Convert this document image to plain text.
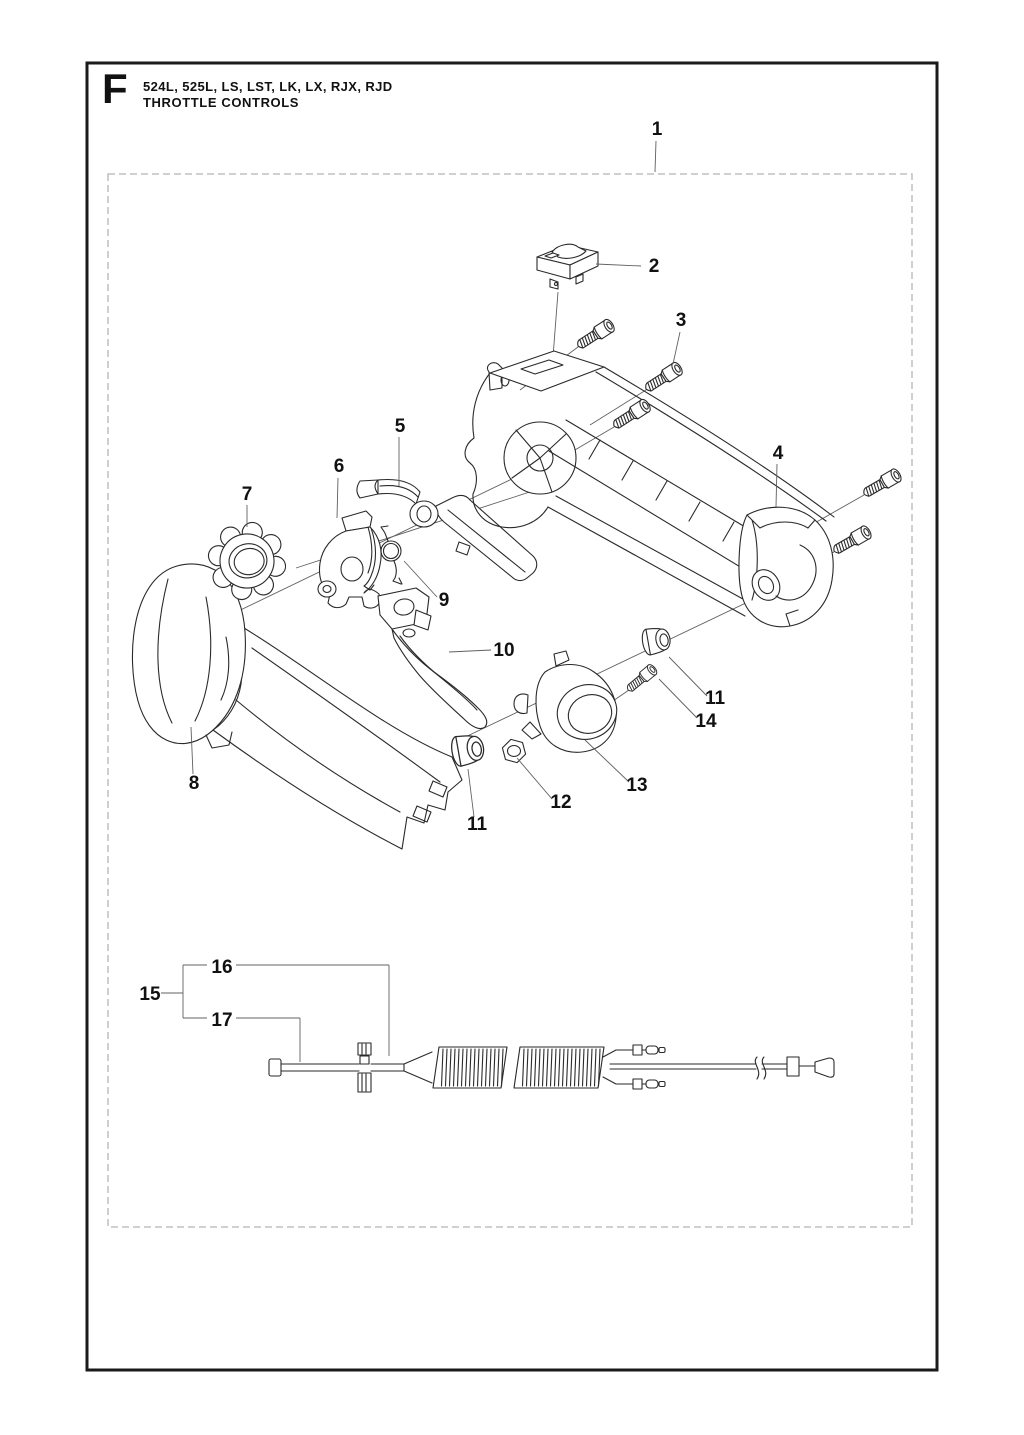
F 524L, 525L, LS, LST, LK, LX, RJX, RJD
THROTTLE CONTROLS
1
2
3
4
5
6
7
8
9
10
11
11
12
13
14
15
16
17
